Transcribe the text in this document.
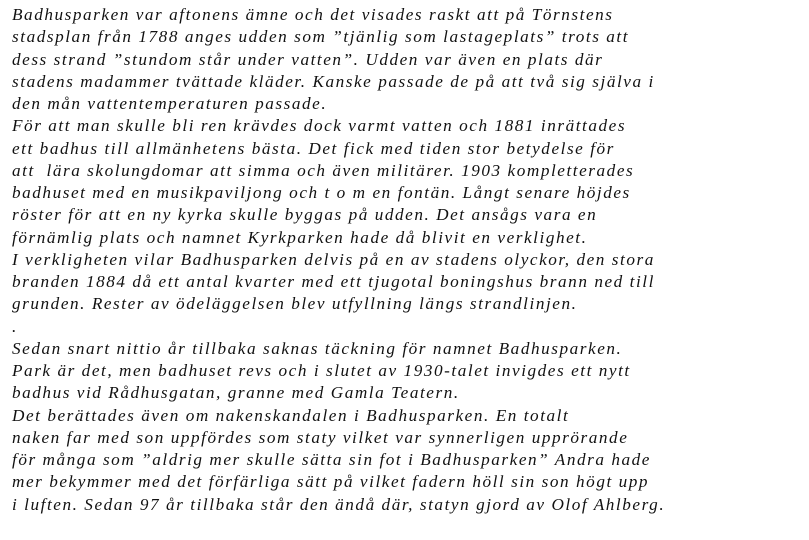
Badhusparken var aftonens ämne och det visades raskt att på Törnstens
stadsplan från 1788 anges udden som ”tjänlig som lastageplats” trots att
dess strand ”stundom står under vatten”. Udden var även en plats där
stadens madammer tvättade kläder. Kanske passade de på att två sig själva i
den mån vattentemperaturen passade.
För att man skulle bli ren krävdes dock varmt vatten och 1881 inrättades
ett badhus till allmänhetens bästa. Det fick med tiden stor betydelse för
att  lära skolungdomar att simma och även militärer. 1903 kompletterades
badhuset med en musikpaviljong och t o m en fontän. Långt senare höjdes
röster för att en ny kyrka skulle byggas på udden. Det ansågs vara en
förnämlig plats och namnet Kyrkparken hade då blivit en verklighet.
I verkligheten vilar Badhusparken delvis på en av stadens olyckor, den stora
branden 1884 då ett antal kvarter med ett tjugotal boningshus brann ned till
grunden. Rester av ödeläggelsen blev utfyllning längs strandlinjen.
.
Sedan snart nittio år tillbaka saknas täckning för namnet Badhusparken.
Park är det, men badhuset revs och i slutet av 1930-talet invigdes ett nytt
badhus vid Rådhusgatan, granne med Gamla Teatern.
Det berättades även om nakenskandalen i Badhusparken. En totalt
naken far med son uppfördes som staty vilket var synnerligen upprörande
för många som ”aldrig mer skulle sätta sin fot i Badhusparken” Andra hade
mer bekymmer med det förfärliga sätt på vilket fadern höll sin son högt upp
i luften. Sedan 97 år tillbaka står den ändå där, statyn gjord av Olof Ahlberg.
